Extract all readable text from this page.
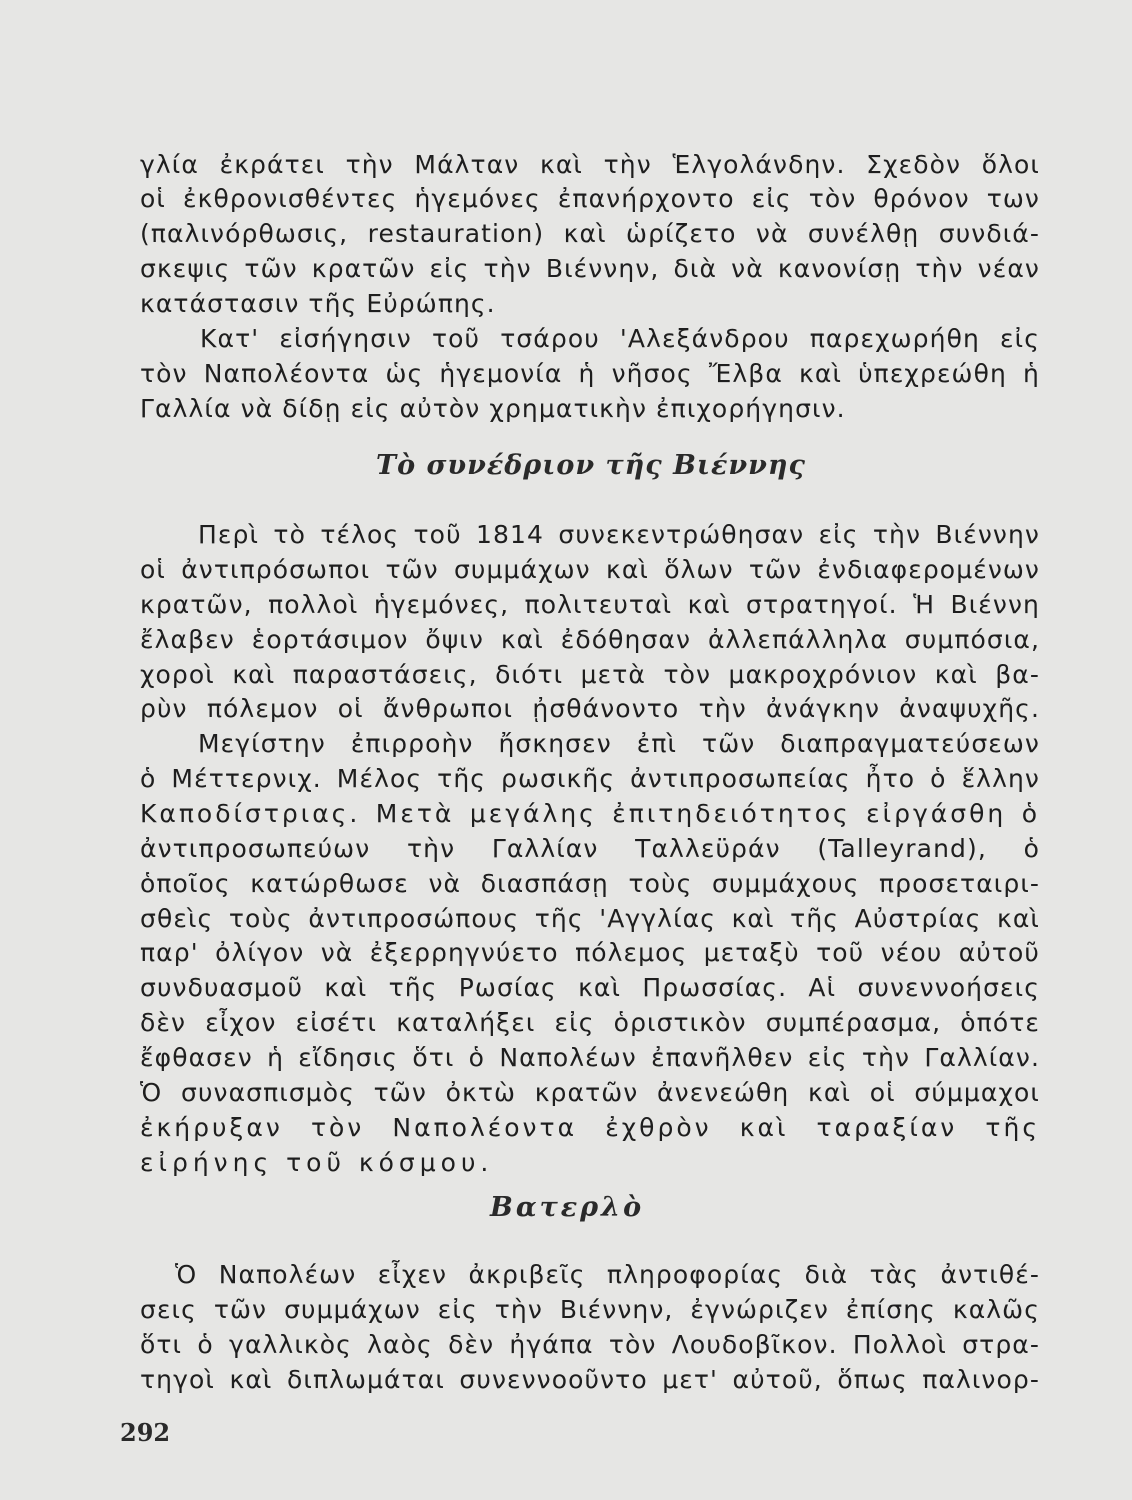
γλία ἐκράτει τὴν Μάλταν καὶ τὴν Ἑλγολάνδην. Σχεδὸν ὅλοι
οἱ ἐκθρονισθέντες ἡγεμόνες ἐπανήρχοντο εἰς τὸν θρόνον των
(παλινόρθωσις, restauration) καὶ ὡρίζετο νὰ συνέλθῃ συνδιά-
σκεψις τῶν κρατῶν εἰς τὴν Βιέννην, διὰ νὰ κανονίσῃ τὴν νέαν
κατάστασιν τῆς Εὐρώπης.
Κατ' εἰσήγησιν τοῦ τσάρου 'Αλεξάνδρου παρεχωρήθη εἰς
τὸν Ναπολέοντα ὡς ἡγεμονία ἡ νῆσος Ἔλβα καὶ ὑπεχρεώθη ἡ
Γαλλία νὰ δίδῃ εἰς αὐτὸν χρηματικὴν ἐπιχορήγησιν.
Τὸ συνέδριον τῆς Βιέννης
Περὶ τὸ τέλος τοῦ 1814 συνεκεντρώθησαν εἰς τὴν Βιέννην
οἱ ἀντιπρόσωποι τῶν συμμάχων καὶ ὅλων τῶν ἐνδιαφερομένων
κρατῶν, πολλοὶ ἡγεμόνες, πολιτευταὶ καὶ στρατηγοί. Ἡ Βιέννη
ἔλαβεν ἑορτάσιμον ὄψιν καὶ ἐδόθησαν ἀλλεπάλληλα συμπόσια,
χοροὶ καὶ παραστάσεις, διότι μετὰ τὸν μακροχρόνιον καὶ βα-
ρὺν πόλεμον οἱ ἄνθρωποι ᾐσθάνοντο τὴν ἀνάγκην ἀναψυχῆς.
Μεγίστην ἐπιρροὴν ἤσκησεν ἐπὶ τῶν διαπραγματεύσεων
ὁ Μέττερνιχ. Μέλος τῆς ρωσικῆς ἀντιπροσωπείας ἦτο ὁ ἕλλην
Καποδίστριας. Μετὰ μεγάλης ἐπιτηδειότητος εἰργάσθη ὁ
ἀντιπροσωπεύων τὴν Γαλλίαν Ταλλεϋράν (Talleyrand), ὁ
ὁποῖος κατώρθωσε νὰ διασπάσῃ τοὺς συμμάχους προσεταιρι-
σθεὶς τοὺς ἀντιπροσώπους τῆς 'Αγγλίας καὶ τῆς Αὐστρίας καὶ
παρ' ὀλίγον νὰ ἐξερρηγνύετο πόλεμος μεταξὺ τοῦ νέου αὐτοῦ
συνδυασμοῦ καὶ τῆς Ρωσίας καὶ Πρωσσίας. Αἱ συνεννοήσεις
δὲν εἶχον εἰσέτι καταλήξει εἰς ὁριστικὸν συμπέρασμα, ὁπότε
ἔφθασεν ἡ εἴδησις ὅτι ὁ Ναπολέων ἐπανῆλθεν εἰς τὴν Γαλλίαν.
Ὁ συνασπισμὸς τῶν ὀκτὼ κρατῶν ἀνενεώθη καὶ οἱ σύμμαχοι
ἐκήρυξαν τὸν Ναπολέοντα ἐχθρὸν καὶ ταραξίαν τῆς
εἰρήνης τοῦ κόσμου.
Βατερλὸ
Ὁ Ναπολέων εἶχεν ἀκριβεῖς πληροφορίας διὰ τὰς ἀντιθέ-
σεις τῶν συμμάχων εἰς τὴν Βιέννην, ἐγνώριζεν ἐπίσης καλῶς
ὅτι ὁ γαλλικὸς λαὸς δὲν ἠγάπα τὸν Λουδοβῖκον. Πολλοὶ στρα-
τηγοὶ καὶ διπλωμάται συνεννοοῦντο μετ' αὐτοῦ, ὅπως παλινορ-
292
